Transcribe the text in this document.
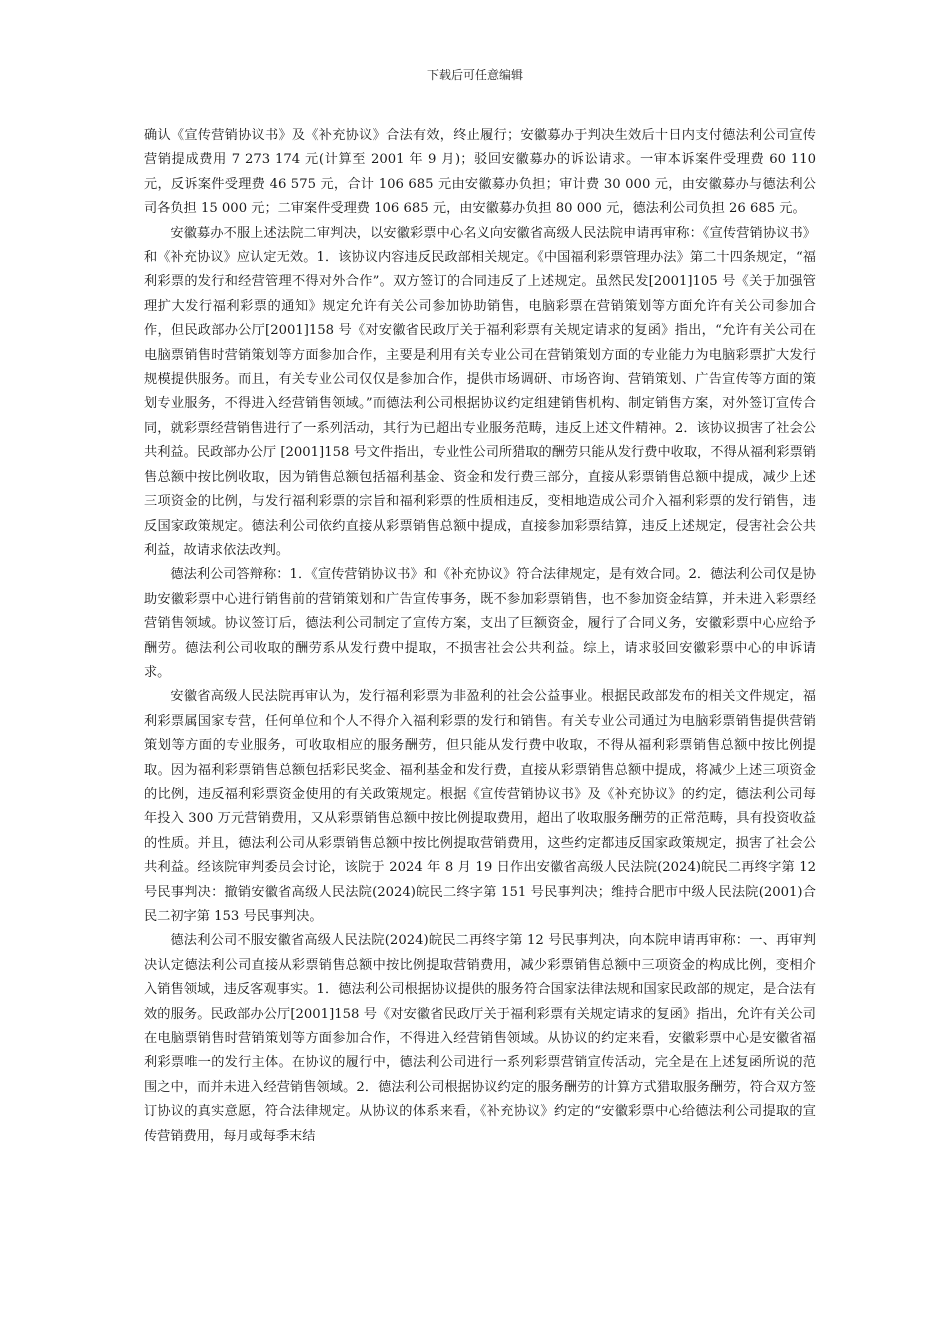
下载后可任意编辑

确认《宣传营销协议书》及《补充协议》合法有效，终止履行；安徽募办于判决生效后十日内支付德法利公司宣传营销提成费用 7 273 174 元(计算至 2001 年 9 月)；驳回安徽募办的诉讼请求。一审本诉案件受理费 60 110 元，反诉案件受理费 46 575 元，合计 106 685 元由安徽募办负担；审计费 30 000 元，由安徽募办与德法利公司各负担 15 000 元；二审案件受理费 106 685 元，由安徽募办负担 80 000 元，德法利公司负担 26 685 元。

安徽募办不服上述法院二审判决，以安徽彩票中心名义向安徽省高级人民法院申请再审称：《宣传营销协议书》和《补充协议》应认定无效。1．该协议内容违反民政部相关规定。《中国福利彩票管理办法》第二十四条规定，“福利彩票的发行和经营管理不得对外合作”。双方签订的合同违反了上述规定。虽然民发[2001]105 号《关于加强管理扩大发行福利彩票的通知》规定允许有关公司参加协助销售，电脑彩票在营销策划等方面允许有关公司参加合作，但民政部办公厅[2001]158 号《对安徽省民政厅关于福利彩票有关规定请求的复函》指出，“允许有关公司在电脑票销售时营销策划等方面参加合作，主要是利用有关专业公司在营销策划方面的专业能力为电脑彩票扩大发行规模提供服务。而且，有关专业公司仅仅是参加合作，提供市场调研、市场咨询、营销策划、广告宣传等方面的策划专业服务，不得进入经营销售领域。”而德法利公司根据协议约定组建销售机构、制定销售方案，对外签订宣传合同，就彩票经营销售进行了一系列活动，其行为已超出专业服务范畴，违反上述文件精神。2．该协议损害了社会公共利益。民政部办公厅 [2001]158 号文件指出，专业性公司所猎取的酬劳只能从发行费中收取，不得从福利彩票销售总额中按比例收取，因为销售总额包括福利基金、资金和发行费三部分，直接从彩票销售总额中提成，减少上述三项资金的比例，与发行福利彩票的宗旨和福利彩票的性质相违反，变相地造成公司介入福利彩票的发行销售，违反国家政策规定。德法利公司依约直接从彩票销售总额中提成，直接参加彩票结算，违反上述规定，侵害社会公共利益，故请求依法改判。

德法利公司答辩称：1．《宣传营销协议书》和《补充协议》符合法律规定，是有效合同。2．德法利公司仅是协助安徽彩票中心进行销售前的营销策划和广告宣传事务，既不参加彩票销售，也不参加资金结算，并未进入彩票经营销售领域。协议签订后，德法利公司制定了宣传方案，支出了巨额资金，履行了合同义务，安徽彩票中心应给予酬劳。德法利公司收取的酬劳系从发行费中提取，不损害社会公共利益。综上，请求驳回安徽彩票中心的申诉请求。

安徽省高级人民法院再审认为，发行福利彩票为非盈利的社会公益事业。根据民政部发布的相关文件规定，福利彩票属国家专营，任何单位和个人不得介入福利彩票的发行和销售。有关专业公司通过为电脑彩票销售提供营销策划等方面的专业服务，可收取相应的服务酬劳，但只能从发行费中收取，不得从福利彩票销售总额中按比例提取。因为福利彩票销售总额包括彩民奖金、福利基金和发行费，直接从彩票销售总额中提成，将减少上述三项资金的比例，违反福利彩票资金使用的有关政策规定。根据《宣传营销协议书》及《补充协议》的约定，德法利公司每年投入 300 万元营销费用，又从彩票销售总额中按比例提取费用，超出了收取服务酬劳的正常范畴，具有投资收益的性质。并且，德法利公司从彩票销售总额中按比例提取营销费用，这些约定都违反国家政策规定，损害了社会公共利益。经该院审判委员会讨论，该院于 2024 年 8 月 19 日作出安徽省高级人民法院(2024)皖民二再终字第 12 号民事判决：撤销安徽省高级人民法院(2024)皖民二终字第 151 号民事判决；维持合肥市中级人民法院(2001)合民二初字第 153 号民事判决。

德法利公司不服安徽省高级人民法院(2024)皖民二再终字第 12 号民事判决，向本院申请再审称：一、再审判决认定德法利公司直接从彩票销售总额中按比例提取营销费用，减少彩票销售总额中三项资金的构成比例，变相介入销售领域，违反客观事实。1．德法利公司根据协议提供的服务符合国家法律法规和国家民政部的规定，是合法有效的服务。民政部办公厅[2001]158 号《对安徽省民政厅关于福利彩票有关规定请求的复函》指出，允许有关公司在电脑票销售时营销策划等方面参加合作，不得进入经营销售领域。从协议的约定来看，安徽彩票中心是安徽省福利彩票唯一的发行主体。在协议的履行中，德法利公司进行一系列彩票营销宣传活动，完全是在上述复函所说的范围之中，而并未进入经营销售领域。2．德法利公司根据协议约定的服务酬劳的计算方式猎取服务酬劳，符合双方签订协议的真实意愿，符合法律规定。从协议的体系来看，《补充协议》约定的“安徽彩票中心给德法利公司提取的宣传营销费用，每月或每季末结
